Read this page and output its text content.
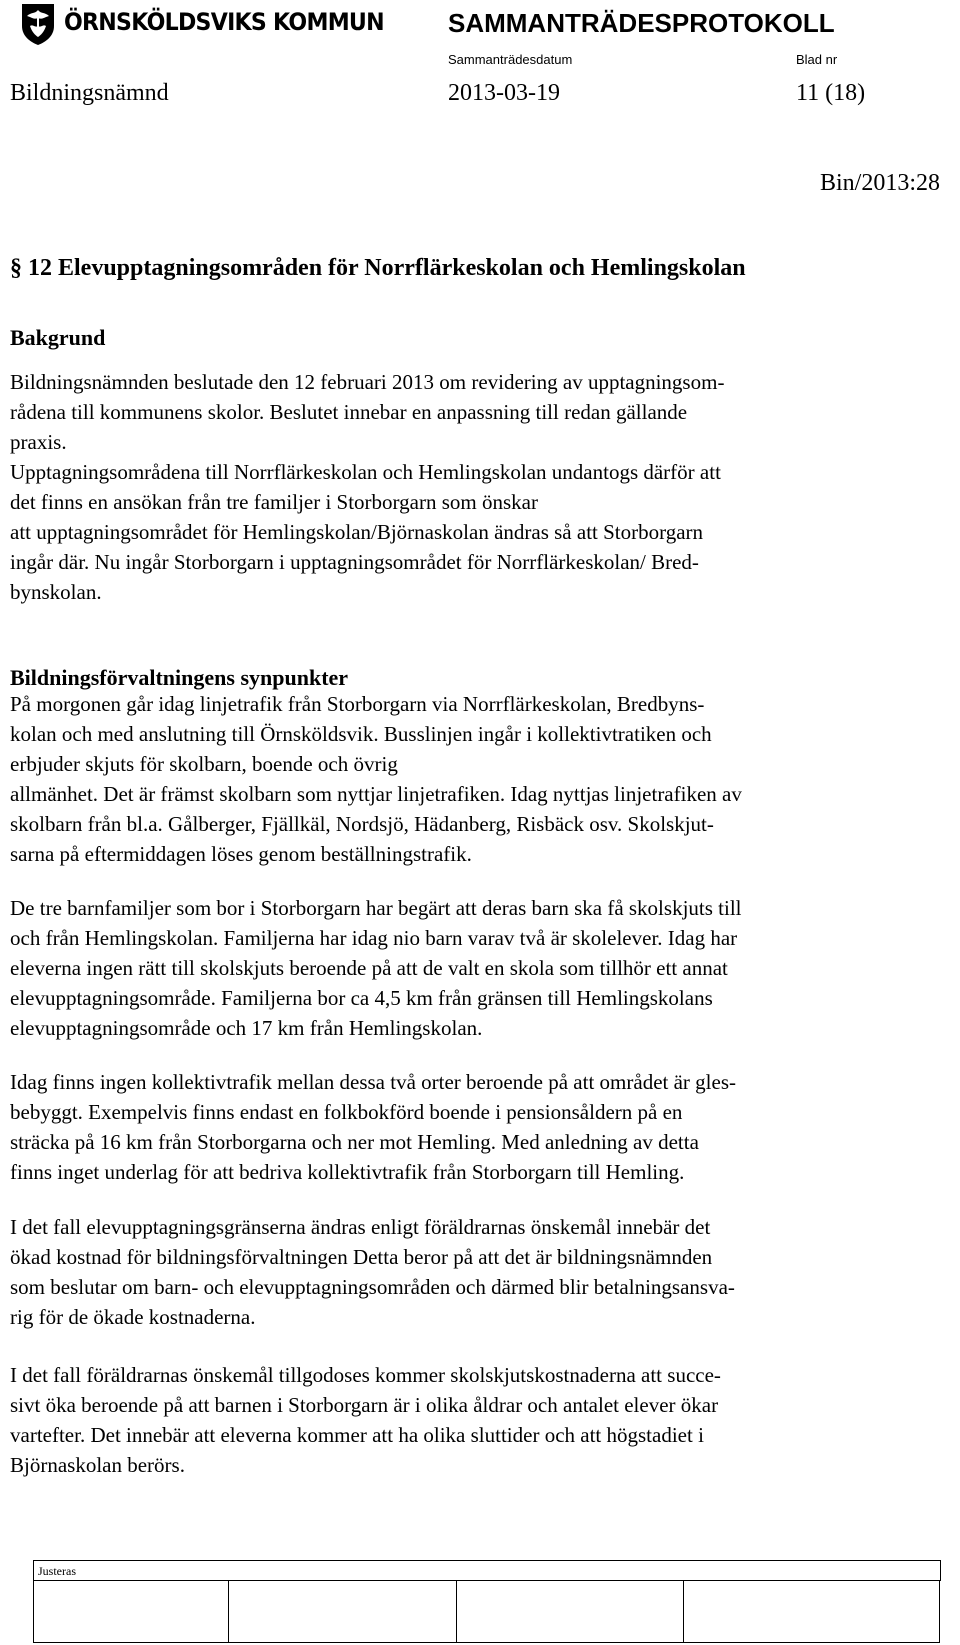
ÖRNSKÖLDSVIKS KOMMUN SAMMANTRÄDESPROTOKOLL
Sammanträdesdatum	Blad nr
Bildningsnämnd	2013-03-19	11 (18)
Bin/2013:28
§ 12 Elevupptagningsområden för Norrflärkeskolan och Hemlingskolan
Bakgrund
Bildningsnämnden beslutade den 12 februari 2013 om revidering av upptagningsom-
rådena till kommunens skolor. Beslutet innebar en anpassning till redan gällande
praxis.
Upptagningsområdena till Norrflärkeskolan och Hemlingskolan undantogs därför att
det finns en ansökan från tre familjer i Storborgarn som önskar
att upptagningsområdet för Hemlingskolan/Björnaskolan ändras så att Storborgarn
ingår där. Nu ingår Storborgarn i upptagningsområdet för Norrflärkeskolan/ Bred-
bynskolan.
Bildningsförvaltningens synpunkter
På morgonen går idag linjetrafik från Storborgarn via Norrflärkeskolan, Bredbyns-
kolan och med anslutning till Örnsköldsvik. Busslinjen ingår i kollektivtratiken och
erbjuder skjuts för skolbarn, boende och övrig
allmänhet. Det är främst skolbarn som nyttjar linjetrafiken. Idag nyttjas linjetrafiken av
skolbarn från bl.a. Gålberger, Fjällkäl, Nordsjö, Hädanberg, Risbäck osv. Skolskjut-
sarna på eftermiddagen löses genom beställningstrafik.
De tre barnfamiljer som bor i Storborgarn har begärt att deras barn ska få skolskjuts till
och från Hemlingskolan. Familjerna har idag nio barn varav två är skolelever. Idag har
eleverna ingen rätt till skolskjuts beroende på att de valt en skola som tillhör ett annat
elevupptagningsområde. Familjerna bor ca 4,5 km från gränsen till Hemlingskolans
elevupptagningsområde och 17 km från Hemlingskolan.
Idag finns ingen kollektivtrafik mellan dessa två orter beroende på att området är gles-
bebyggt. Exempelvis finns endast en folkbokförd boende i pensionsåldern på en
sträcka på 16 km från Storborgarna och ner mot Hemling. Med anledning av detta
finns inget underlag för att bedriva kollektivtrafik från Storborgarn till Hemling.
I det fall elevupptagningsgränserna ändras enligt föräldrarnas önskemål innebär det
ökad kostnad för bildningsförvaltningen Detta beror på att det är bildningsnämnden
som beslutar om barn- och elevupptagningsområden och därmed blir betalningsansva-
rig för de ökade kostnaderna.
I det fall föräldrarnas önskemål tillgodoses kommer skolskjutskostnaderna att succe-
sivt öka beroende på att barnen i Storborgarn är i olika åldrar och antalet elever ökar
vartefter. Det innebär att eleverna kommer att ha olika sluttider och att högstadiet i
Björnaskolan berörs.
Justeras
